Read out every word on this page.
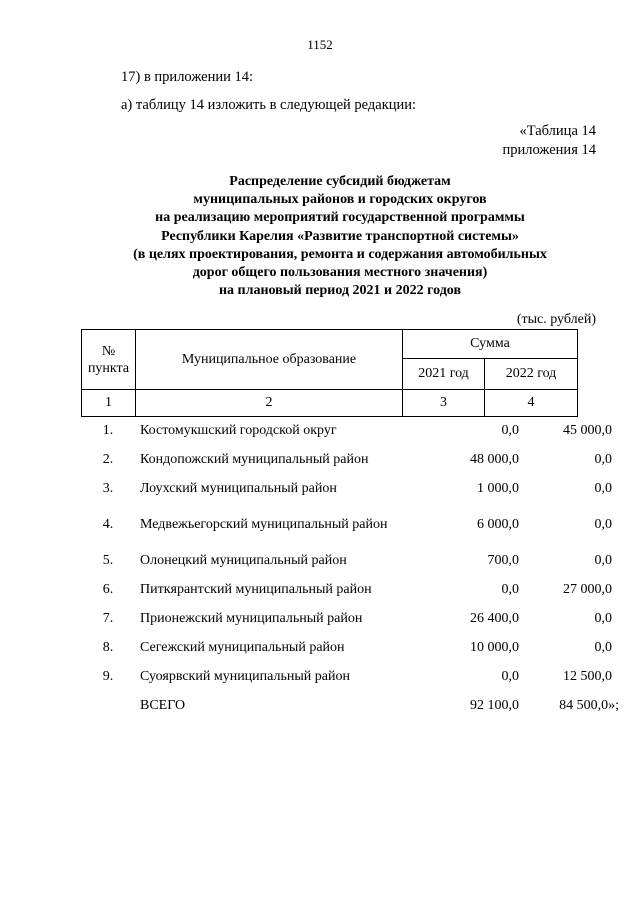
1152
17) в приложении 14:
а) таблицу 14 изложить в следующей редакции:
«Таблица 14
приложения 14
Распределение субсидий бюджетам
муниципальных районов и городских округов
на реализацию мероприятий государственной программы
Республики Карелия «Развитие транспортной системы»
(в целях проектирования, ремонта и содержания автомобильных
дорог общего пользования местного значения)
на плановый период 2021 и 2022 годов
(тыс. рублей)
№ пункта	Муниципальное образование	Сумма	
		2021 год	2022 год
1	2	3	4
1.	Костомукшский городской округ	0,0	45 000,0
2.	Кондопожский муниципальный район	48 000,0	0,0
3.	Лоухский муниципальный район	1 000,0	0,0
4.	Медвежьегорский муниципальный район	6 000,0	0,0
5.	Олонецкий муниципальный район	700,0	0,0
6.	Питкярантский муниципальный район	0,0	27 000,0
7.	Прионежский муниципальный район	26 400,0	0,0
8.	Сегежский муниципальный район	10 000,0	0,0
9.	Суоярвский муниципальный район	0,0	12 500,0
	ВСЕГО	92 100,0	84 500,0»;
